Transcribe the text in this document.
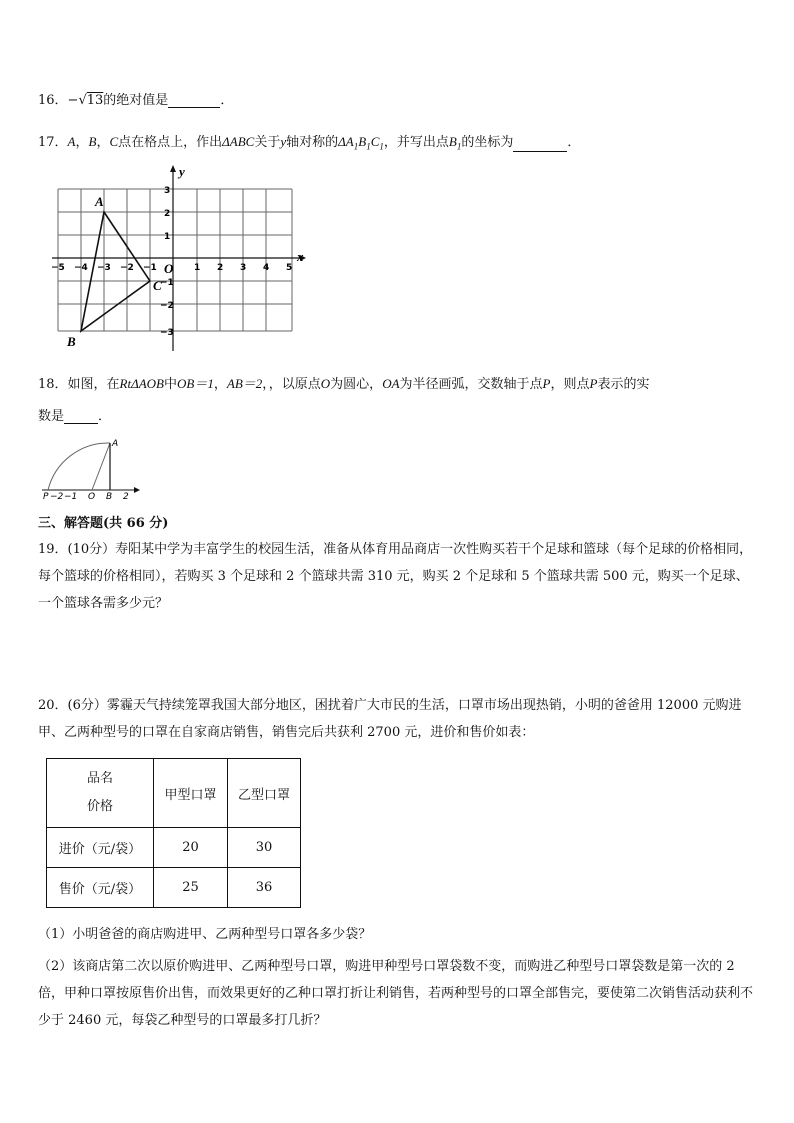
16．−√13的绝对值是	．
17．A，B，C点在格点上，作出ΔABC关于y轴对称的$\Delta A_1B_1C_1$，并写出点$B_1$的坐标为	．
x
y
O
−5 −4 −3 −2 −1	1 2 3 4 5
3
2
1
−1
−2
−3
A
B
C
18．如图，在RtΔAOB中OB＝1，AB＝2，，以原点O为圆心，OA为半径画弧，交数轴于点P，则点P表示的实
数是	．
P −2 −1 O B 2
A
三、解答题(共 66 分)
19．(10分）寿阳某中学为丰富学生的校园生活，准备从体育用品商店一次性购买若干个足球和篮球（每个足球的价格相同，每个篮球的价格相同），若购买 3 个足球和 2 个篮球共需 310 元，购买 2 个足球和 5 个篮球共需 500 元，购买一个足球、一个篮球各需多少元？
20．(6分）雾霾天气持续笼罩我国大部分地区，困扰着广大市民的生活，口罩市场出现热销，小明的爸爸用 12000 元购进甲、乙两种型号的口罩在自家商店销售，销售完后共获利 2700 元，进价和售价如表：
品名
价格	甲型口罩	乙型口罩
进价（元/袋）	20	30
售价（元/袋）	25	36
（1）小明爸爸的商店购进甲、乙两种型号口罩各多少袋？
（2）该商店第二次以原价购进甲、乙两种型号口罩，购进甲种型号口罩袋数不变，而购进乙种型号口罩袋数是第一次的 2 倍，甲种口罩按原售价出售，而效果更好的乙种口罩打折让利销售，若两种型号的口罩全部售完，要使第二次销售活动获利不少于 2460 元，每袋乙种型号的口罩最多打几折？
